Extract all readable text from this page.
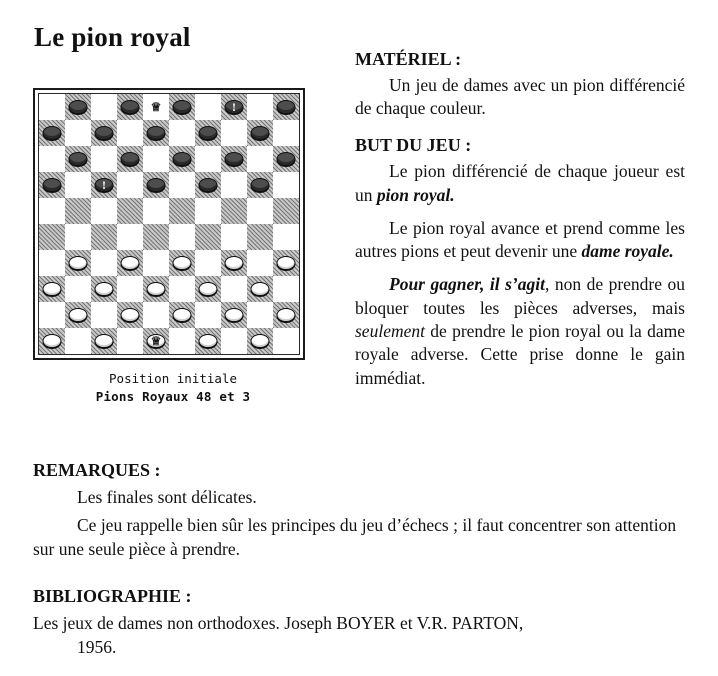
Le pion royal
♕	!
!
♕
Position initiale
Pions Royaux 48 et 3

MATÉRIEL :

Un jeu de dames avec un pion différencié de chaque couleur.

BUT DU JEU :

Le pion différencié de chaque joueur est un pion royal.

Le pion royal avance et prend comme les autres pions et peut devenir une dame royale.

Pour gagner, il s’agit, non de prendre ou bloquer toutes les pièces adverses, mais seulement de prendre le pion royal ou la dame royale adverse. Cette prise donne le gain immédiat.

REMARQUES :

Les finales sont délicates.

Ce jeu rappelle bien sûr les principes du jeu d’échecs ; il faut concentrer son attention sur une seule pièce à prendre.

BIBLIOGRAPHIE :

Les jeux de dames non orthodoxes. Joseph BOYER et V.R. PARTON,
1956.
